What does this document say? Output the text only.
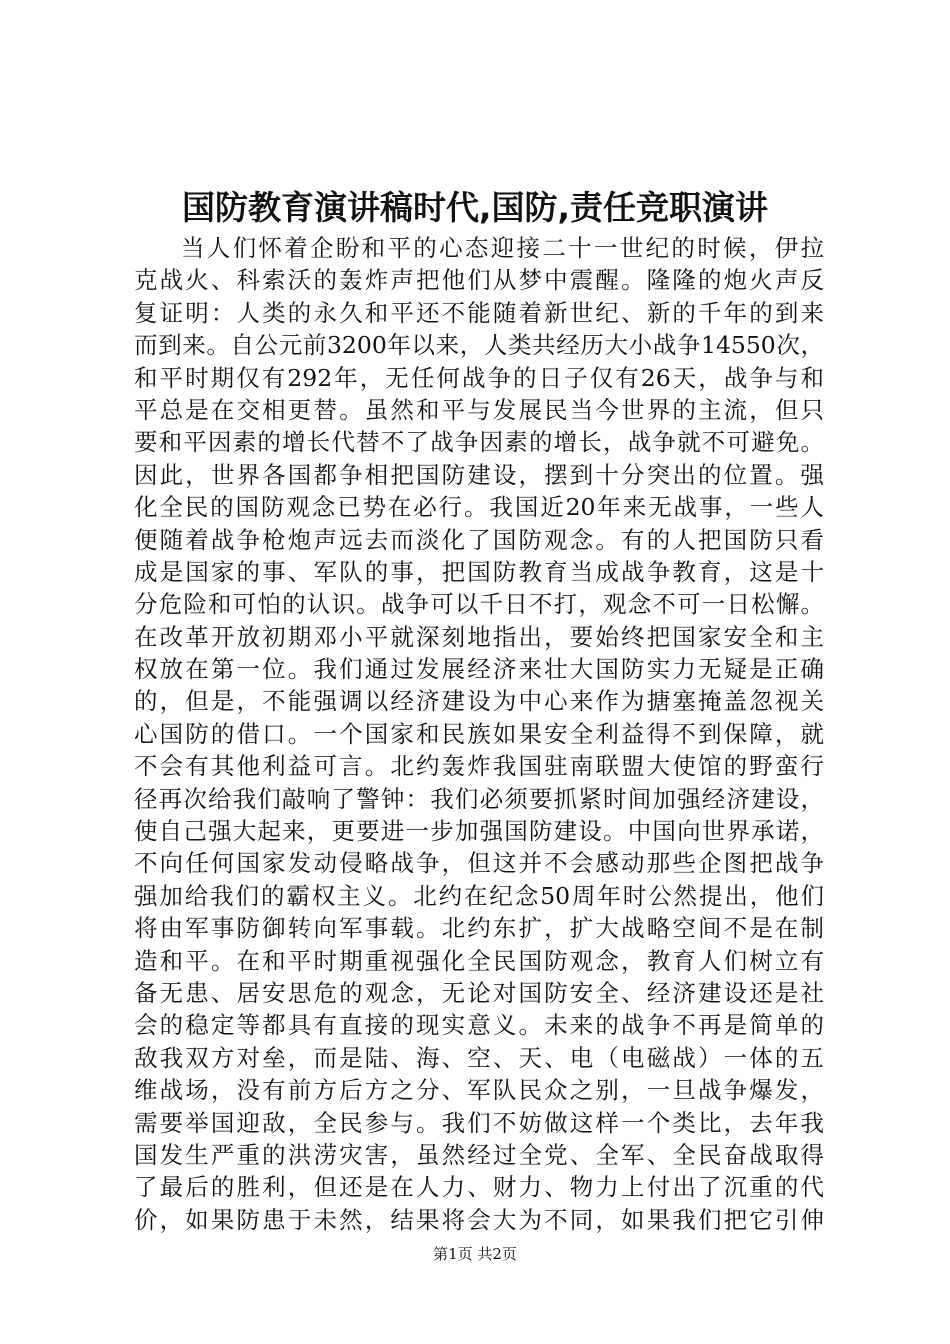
国防教育演讲稿时代,国防,责任竞职演讲
当人们怀着企盼和平的心态迎接二十一世纪的时候，伊拉
克战火、科索沃的轰炸声把他们从梦中震醒。隆隆的炮火声反
复证明：人类的永久和平还不能随着新世纪、新的千年的到来
而到来。自公元前3200年以来，人类共经历大小战争14550次，
和平时期仅有292年，无任何战争的日子仅有26天，战争与和
平总是在交相更替。虽然和平与发展民当今世界的主流，但只
要和平因素的增长代替不了战争因素的增长，战争就不可避免。
因此，世界各国都争相把国防建设，摆到十分突出的位置。强
化全民的国防观念已势在必行。我国近20年来无战事，一些人
便随着战争枪炮声远去而淡化了国防观念。有的人把国防只看
成是国家的事、军队的事，把国防教育当成战争教育，这是十
分危险和可怕的认识。战争可以千日不打，观念不可一日松懈。
在改革开放初期邓小平就深刻地指出，要始终把国家安全和主
权放在第一位。我们通过发展经济来壮大国防实力无疑是正确
的，但是，不能强调以经济建设为中心来作为搪塞掩盖忽视关
心国防的借口。一个国家和民族如果安全利益得不到保障，就
不会有其他利益可言。北约轰炸我国驻南联盟大使馆的野蛮行
径再次给我们敲响了警钟：我们必须要抓紧时间加强经济建设，
使自己强大起来，更要进一步加强国防建设。中国向世界承诺，
不向任何国家发动侵略战争，但这并不会感动那些企图把战争
强加给我们的霸权主义。北约在纪念50周年时公然提出，他们
将由军事防御转向军事载。北约东扩，扩大战略空间不是在制
造和平。在和平时期重视强化全民国防观念，教育人们树立有
备无患、居安思危的观念，无论对国防安全、经济建设还是社
会的稳定等都具有直接的现实意义。未来的战争不再是简单的
敌我双方对垒，而是陆、海、空、天、电（电磁战）一体的五
维战场，没有前方后方之分、军队民众之别，一旦战争爆发，
需要举国迎敌，全民参与。我们不妨做这样一个类比，去年我
国发生严重的洪涝灾害，虽然经过全党、全军、全民奋战取得
了最后的胜利，但还是在人力、财力、物力上付出了沉重的代
价，如果防患于未然，结果将会大为不同，如果我们把它引伸
第1页 共2页
